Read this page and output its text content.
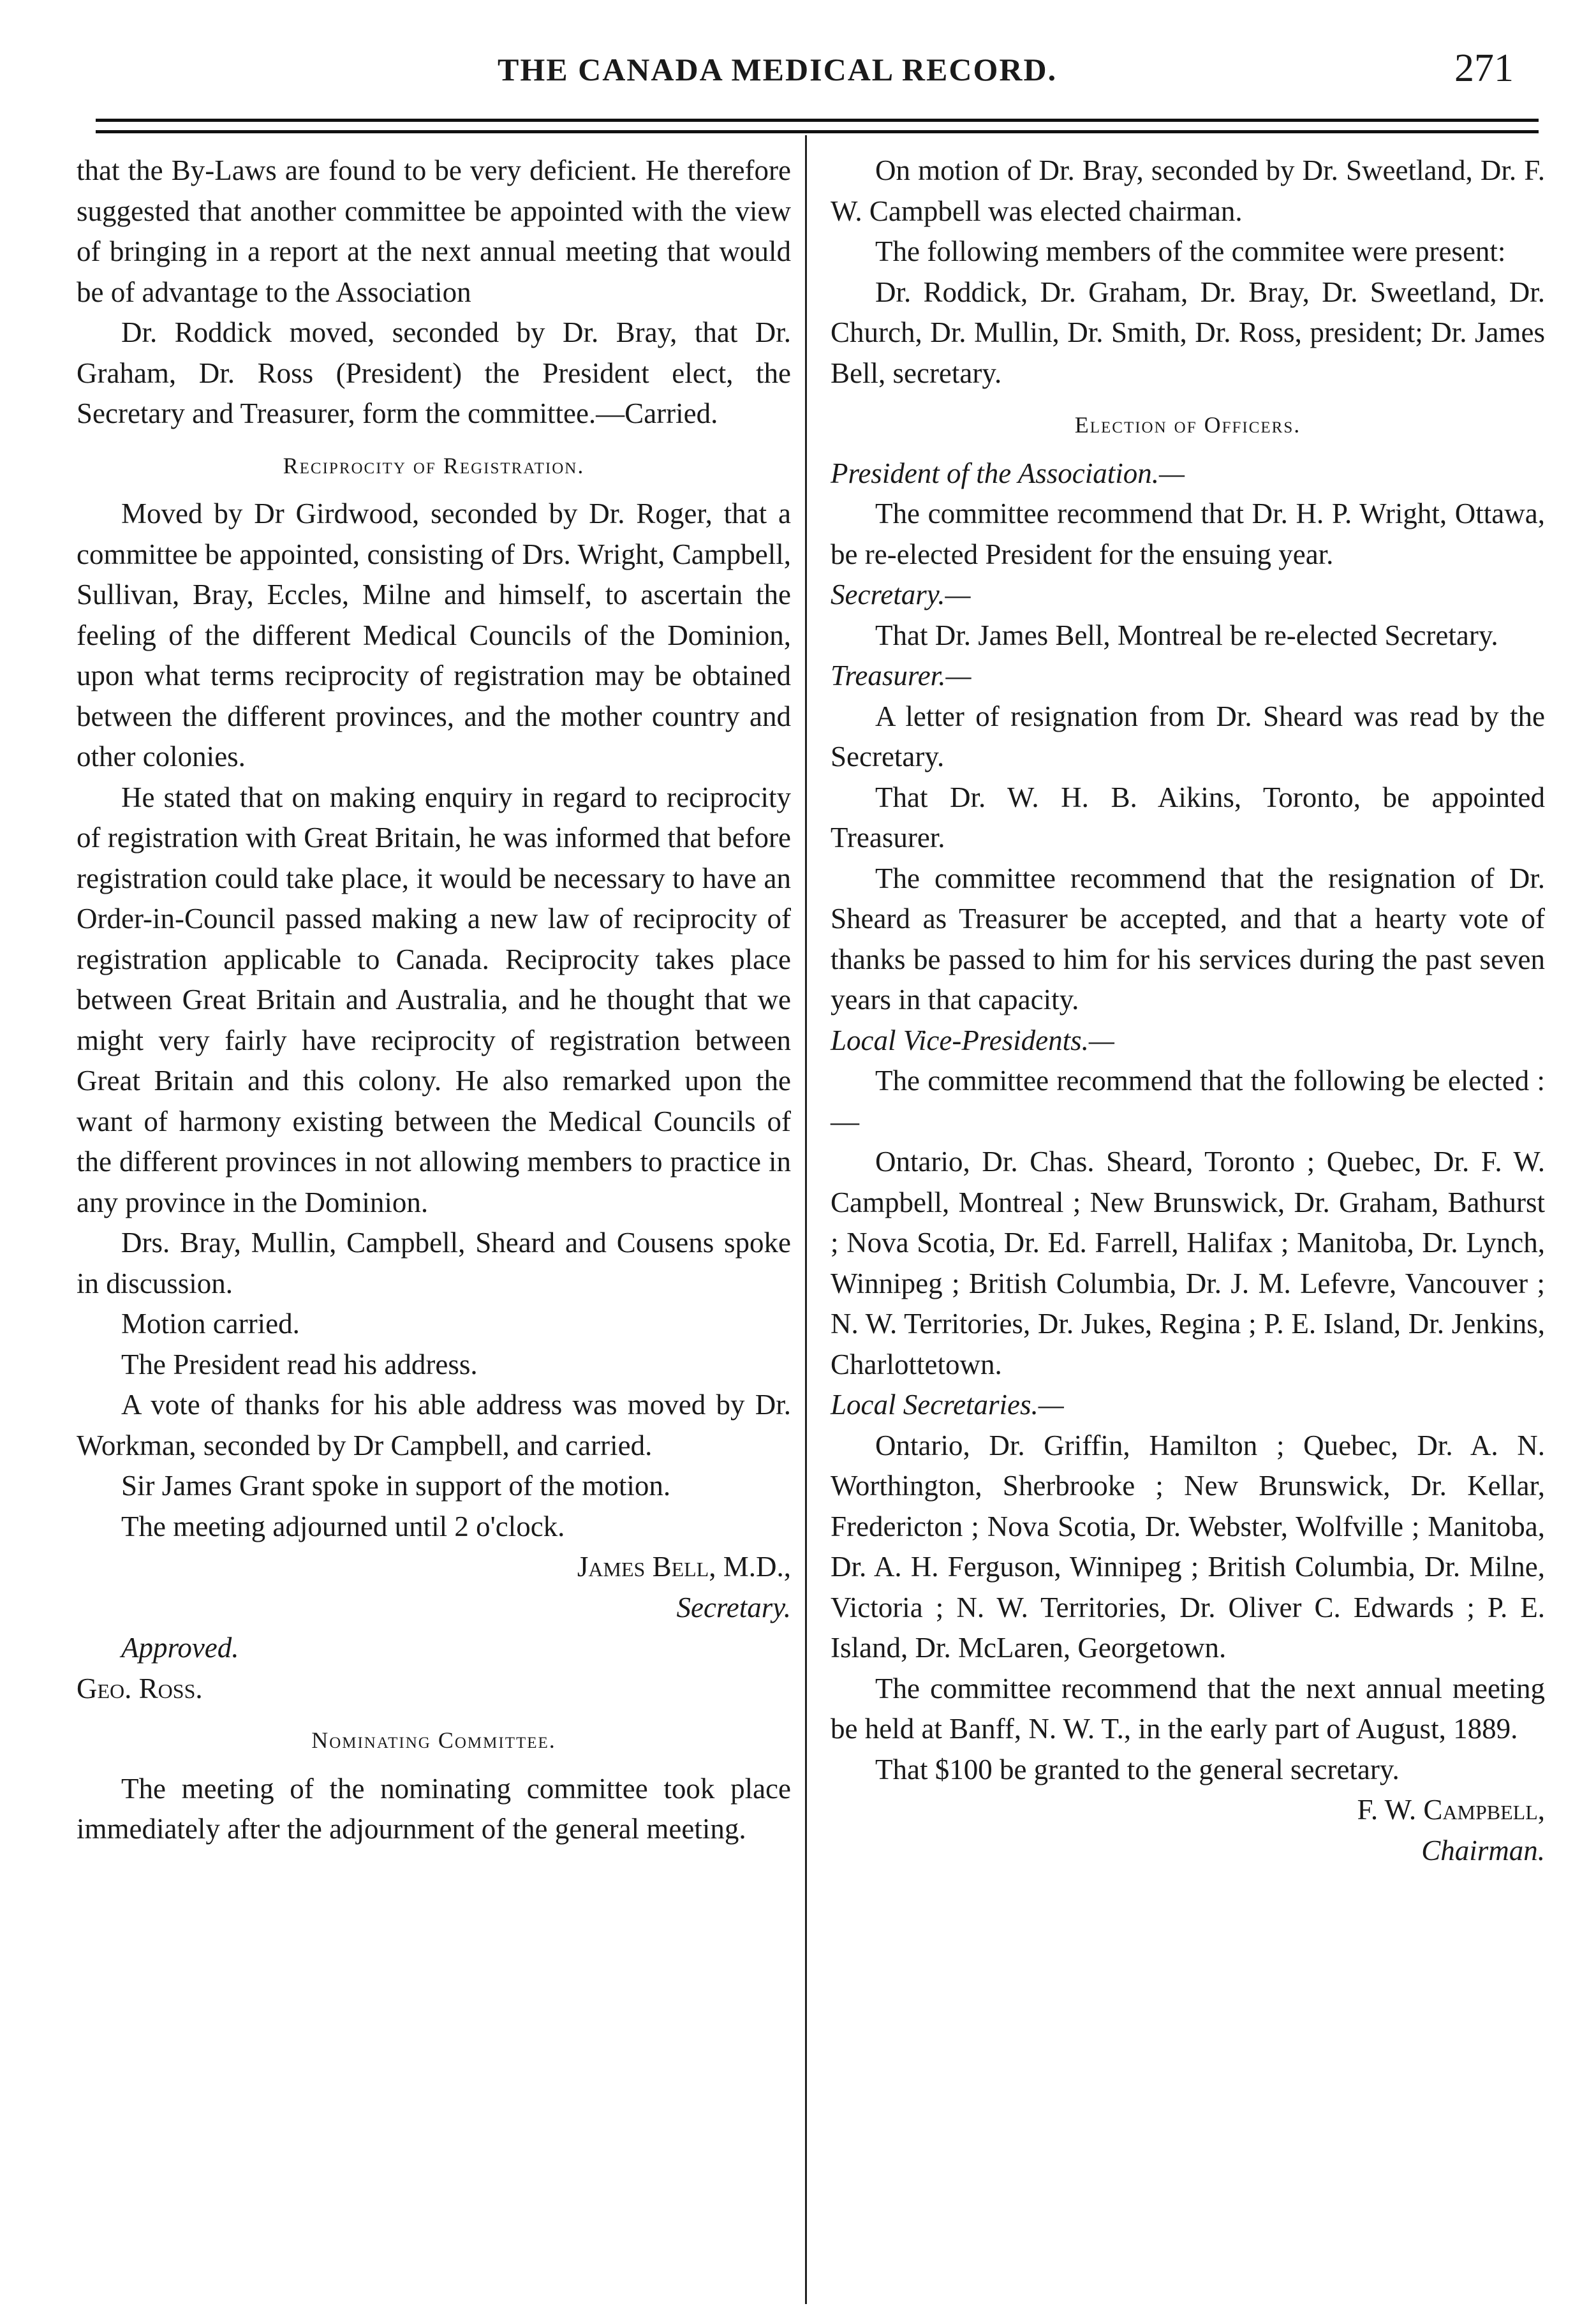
THE CANADA MEDICAL RECORD.	271

that the By-Laws are found to be very deficient. He therefore suggested that another committee be appointed with the view of bringing in a report at the next annual meeting that would be of advantage to the Association

Dr. Roddick moved, seconded by Dr. Bray, that Dr. Graham, Dr. Ross (President) the President elect, the Secretary and Treasurer, form the committee.—Carried.

Reciprocity of Registration.

Moved by Dr Girdwood, seconded by Dr. Roger, that a committee be appointed, consisting of Drs. Wright, Campbell, Sullivan, Bray, Eccles, Milne and himself, to ascertain the feeling of the different Medical Councils of the Dominion, upon what terms reciprocity of registration may be obtained between the different provinces, and the mother country and other colonies.

He stated that on making enquiry in regard to reciprocity of registration with Great Britain, he was informed that before registration could take place, it would be necessary to have an Order-in-Council passed making a new law of reciprocity of registration applicable to Canada. Reciprocity takes place between Great Britain and Australia, and he thought that we might very fairly have reciprocity of registration between Great Britain and this colony. He also remarked upon the want of harmony existing between the Medical Councils of the different provinces in not allowing members to practice in any province in the Dominion.

Drs. Bray, Mullin, Campbell, Sheard and Cousens spoke in discussion.

Motion carried.

The President read his address.

A vote of thanks for his able address was moved by Dr. Workman, seconded by Dr Campbell, and carried.

Sir James Grant spoke in support of the motion.

The meeting adjourned until 2 o'clock.

James Bell, M.D.,

Secretary.

Approved.

Geo. Ross.

Nominating Committee.

The meeting of the nominating committee took place immediately after the adjournment of the general meeting.

On motion of Dr. Bray, seconded by Dr. Sweetland, Dr. F. W. Campbell was elected chairman.

The following members of the commitee were present:

Dr. Roddick, Dr. Graham, Dr. Bray, Dr. Sweetland, Dr. Church, Dr. Mullin, Dr. Smith, Dr. Ross, president; Dr. James Bell, secretary.

Election of Officers.

President of the Association.—

The committee recommend that Dr. H. P. Wright, Ottawa, be re-elected President for the ensuing year.

Secretary.—

That Dr. James Bell, Montreal be re-elected Secretary.

Treasurer.—

A letter of resignation from Dr. Sheard was read by the Secretary.

That Dr. W. H. B. Aikins, Toronto, be appointed Treasurer.

The committee recommend that the resignation of Dr. Sheard as Treasurer be accepted, and that a hearty vote of thanks be passed to him for his services during the past seven years in that capacity.

Local Vice-Presidents.—

The committee recommend that the following be elected :—

Ontario, Dr. Chas. Sheard, Toronto ; Quebec, Dr. F. W. Campbell, Montreal ; New Brunswick, Dr. Graham, Bathurst ; Nova Scotia, Dr. Ed. Farrell, Halifax ; Manitoba, Dr. Lynch, Winnipeg ; British Columbia, Dr. J. M. Lefevre, Vancouver ; N. W. Territories, Dr. Jukes, Regina ; P. E. Island, Dr. Jenkins, Charlottetown.

Local Secretaries.—

Ontario, Dr. Griffin, Hamilton ; Quebec, Dr. A. N. Worthington, Sherbrooke ; New Brunswick, Dr. Kellar, Fredericton ; Nova Scotia, Dr. Webster, Wolfville ; Manitoba, Dr. A. H. Ferguson, Winnipeg ; British Columbia, Dr. Milne, Victoria ; N. W. Territories, Dr. Oliver C. Edwards ; P. E. Island, Dr. McLaren, Georgetown.

The committee recommend that the next annual meeting be held at Banff, N. W. T., in the early part of August, 1889.

That $100 be granted to the general secretary.

F. W. Campbell,

Chairman.
